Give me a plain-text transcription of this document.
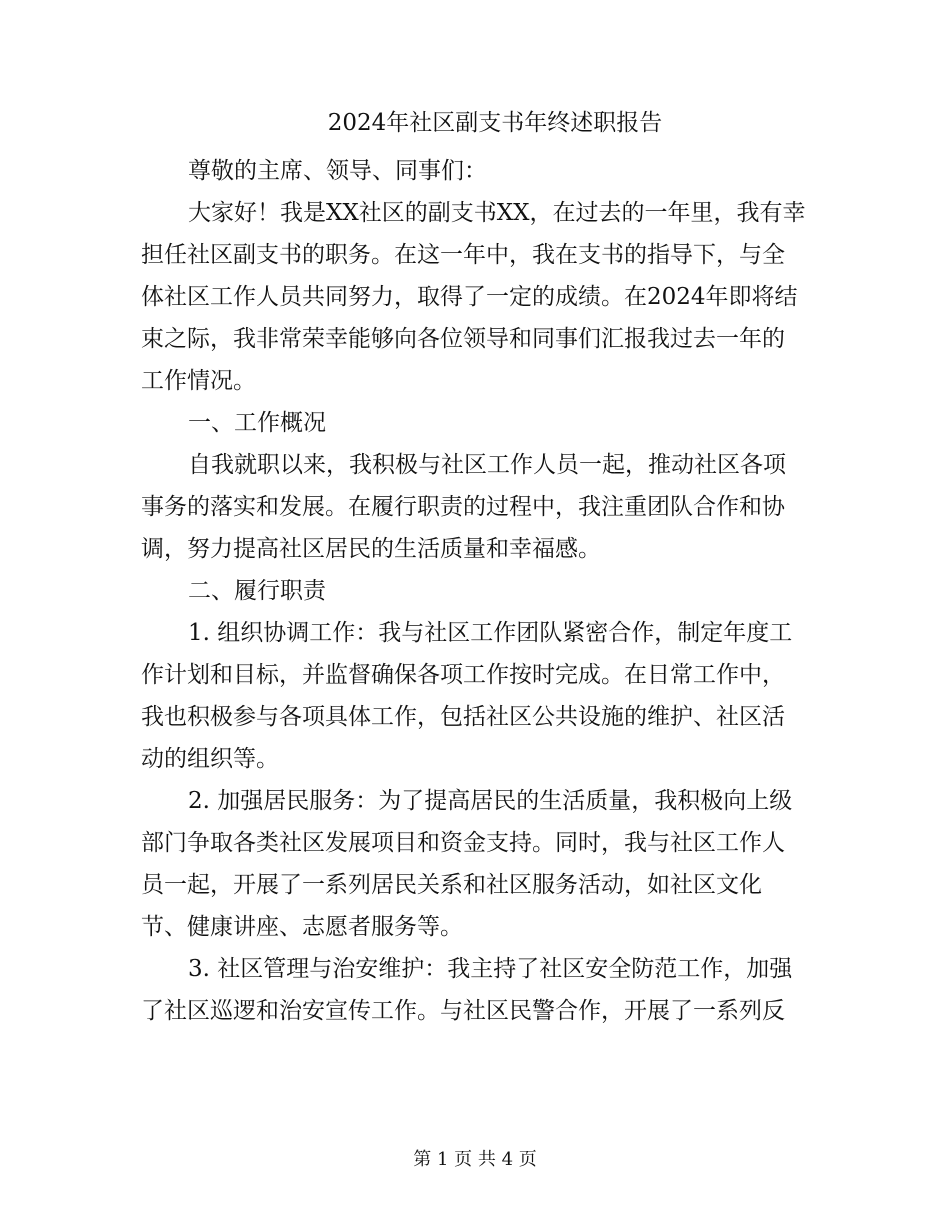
2024年社区副支书年终述职报告
尊敬的主席、领导、同事们：
大家好！我是XX社区的副支书XX，在过去的一年里，我有幸
担任社区副支书的职务。在这一年中，我在支书的指导下，与全
体社区工作人员共同努力，取得了一定的成绩。在2024年即将结
束之际，我非常荣幸能够向各位领导和同事们汇报我过去一年的
工作情况。
一、工作概况
自我就职以来，我积极与社区工作人员一起，推动社区各项
事务的落实和发展。在履行职责的过程中，我注重团队合作和协
调，努力提高社区居民的生活质量和幸福感。
二、履行职责
1. 组织协调工作：我与社区工作团队紧密合作，制定年度工
作计划和目标，并监督确保各项工作按时完成。在日常工作中，
我也积极参与各项具体工作，包括社区公共设施的维护、社区活
动的组织等。
2. 加强居民服务：为了提高居民的生活质量，我积极向上级
部门争取各类社区发展项目和资金支持。同时，我与社区工作人
员一起，开展了一系列居民关系和社区服务活动，如社区文化
节、健康讲座、志愿者服务等。
3. 社区管理与治安维护：我主持了社区安全防范工作，加强
了社区巡逻和治安宣传工作。与社区民警合作，开展了一系列反
第 1 页 共 4 页
